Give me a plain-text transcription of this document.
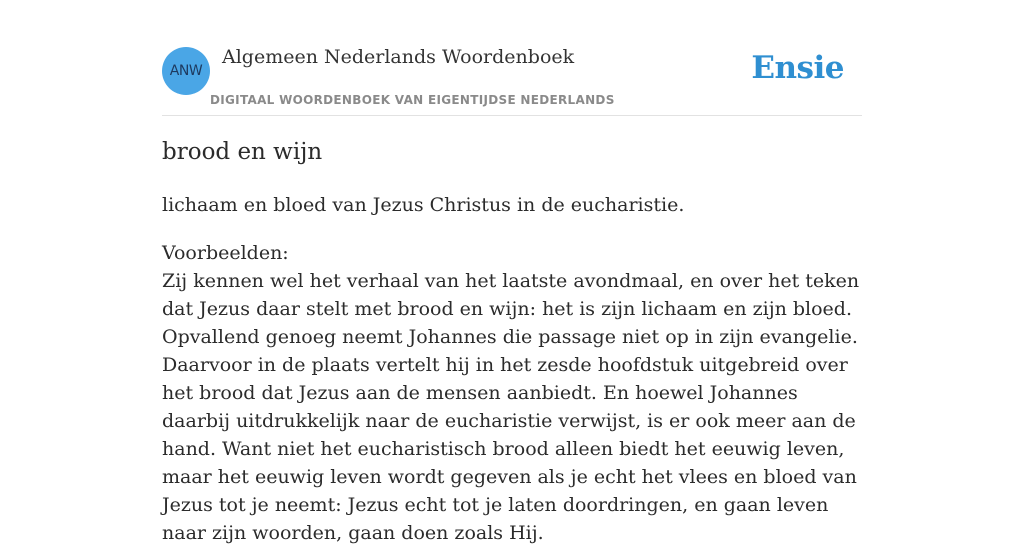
ANW
Algemeen Nederlands Woordenboek
DIGITAAL WOORDENBOEK VAN EIGENTIJDSE NEDERLANDS
Ensie
brood en wijn

lichaam en bloed van Jezus Christus in de eucharistie.

Voorbeelden:
Zij kennen wel het verhaal van het laatste avondmaal, en over het teken dat Jezus daar stelt met brood en wijn: het is zijn lichaam en zijn bloed. Opvallend genoeg neemt Johannes die passage niet op in zijn evangelie. Daarvoor in de plaats vertelt hij in het zesde hoofdstuk uitgebreid over het brood dat Jezus aan de mensen aanbiedt. En hoewel Johannes daarbij uitdrukkelijk naar de eucharistie verwijst, is er ook meer aan de hand. Want niet het eucharistisch brood alleen biedt het eeuwig leven, maar het eeuwig leven wordt gegeven als je echt het vlees en bloed van Jezus tot je neemt: Jezus echt tot je laten doordringen, en gaan leven naar zijn woorden, gaan doen zoals Hij.
